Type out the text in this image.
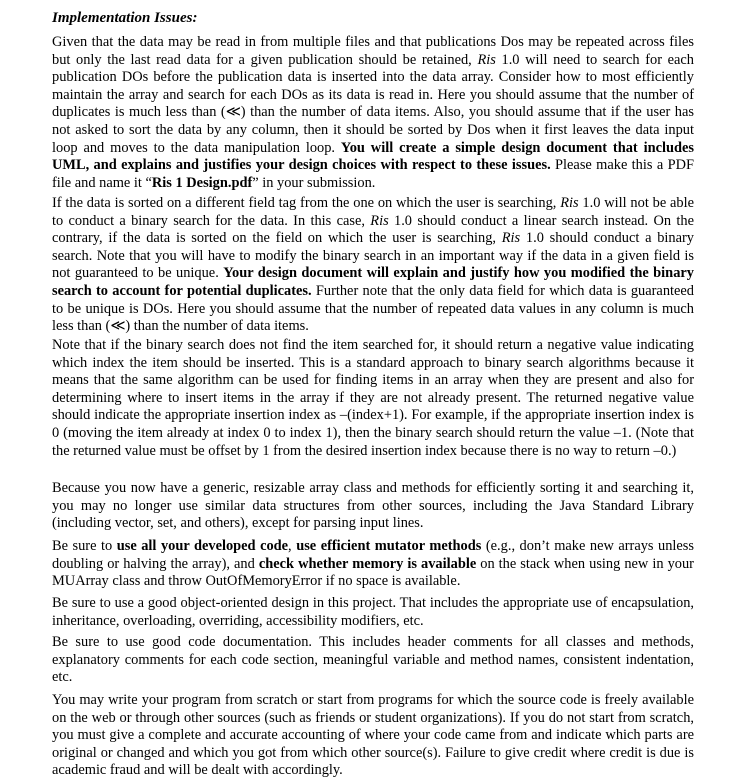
Implementation Issues:

Given that the data may be read in from multiple files and that publications Dos may be repeated across files but only the last read data for a given publication should be retained, Ris 1.0 will need to search for each publication DOs before the publication data is inserted into the data array. Consider how to most efficiently maintain the array and search for each DOs as its data is read in. Here you should assume that the number of duplicates is much less than (≪) than the number of data items. Also, you should assume that if the user has not asked to sort the data by any column, then it should be sorted by Dos when it first leaves the data input loop and moves to the data manipulation loop. You will create a simple design document that includes UML, and explains and justifies your design choices with respect to these issues. Please make this a PDF file and name it “Ris 1 Design.pdf” in your submission.

If the data is sorted on a different field tag from the one on which the user is searching, Ris 1.0 will not be able to conduct a binary search for the data. In this case, Ris 1.0 should conduct a linear search instead. On the contrary, if the data is sorted on the field on which the user is searching, Ris 1.0 should conduct a binary search. Note that you will have to modify the binary search in an important way if the data in a given field is not guaranteed to be unique. Your design document will explain and justify how you modified the binary search to account for potential duplicates. Further note that the only data field for which data is guaranteed to be unique is DOs. Here you should assume that the number of repeated data values in any column is much less than (≪) than the number of data items.

Note that if the binary search does not find the item searched for, it should return a negative value indicating which index the item should be inserted. This is a standard approach to binary search algorithms because it means that the same algorithm can be used for finding items in an array when they are present and also for determining where to insert items in the array if they are not already present. The returned negative value should indicate the appropriate insertion index as –(index+1). For example, if the appropriate insertion index is 0 (moving the item already at index 0 to index 1), then the binary search should return the value –1. (Note that the returned value must be offset by 1 from the desired insertion index because there is no way to return –0.)

Because you now have a generic, resizable array class and methods for efficiently sorting it and searching it, you may no longer use similar data structures from other sources, including the Java Standard Library (including vector, set, and others), except for parsing input lines.

Be sure to use all your developed code, use efficient mutator methods (e.g., don’t make new arrays unless doubling or halving the array), and check whether memory is available on the stack when using new in your MUArray class and throw OutOfMemoryError if no space is available.

Be sure to use a good object-oriented design in this project. That includes the appropriate use of encapsulation, inheritance, overloading, overriding, accessibility modifiers, etc.

Be sure to use good code documentation. This includes header comments for all classes and methods, explanatory comments for each code section, meaningful variable and method names, consistent indentation, etc.

You may write your program from scratch or start from programs for which the source code is freely available on the web or through other sources (such as friends or student organizations). If you do not start from scratch, you must give a complete and accurate accounting of where your code came from and indicate which parts are original or changed and which you got from which other source(s). Failure to give credit where credit is due is academic fraud and will be dealt with accordingly.
